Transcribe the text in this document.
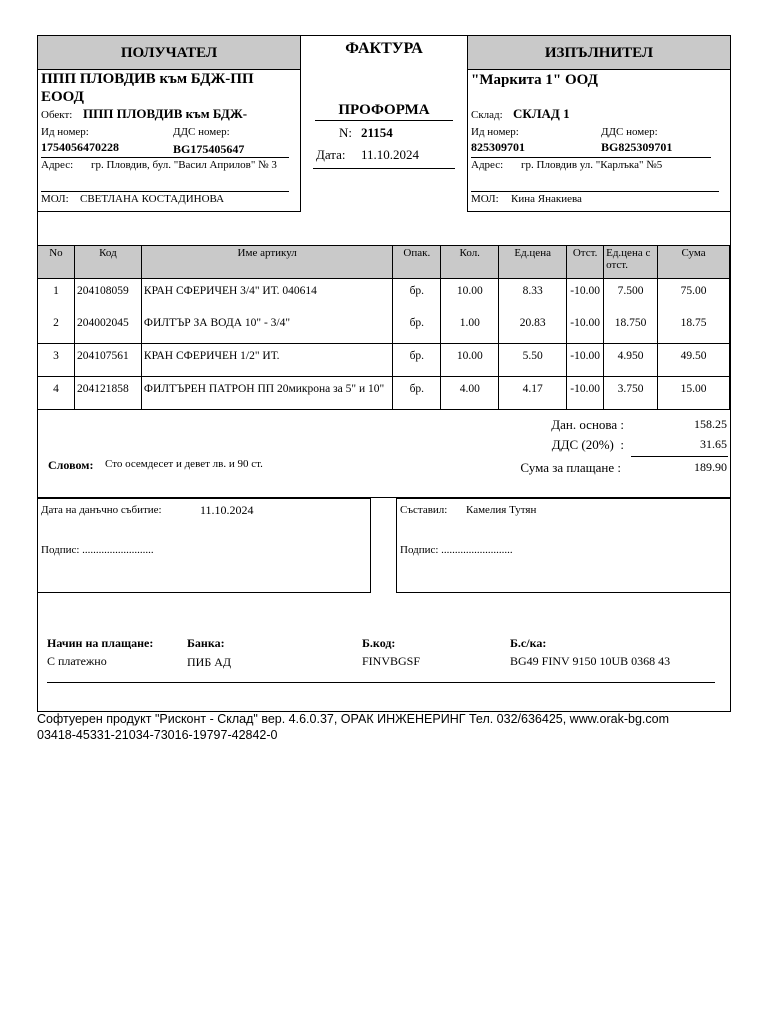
ПОЛУЧАТЕЛ
ППП ПЛОВДИВ към БДЖ-ПП ЕООД
Обект: ППП ПЛОВДИВ към БДЖ-
Ид номер:	ДДС номер:
1754056470228	BG175405647
Адрес: гр. Пловдив, бул. "Васил Априлов" № 3
МОЛ: СВЕТЛАНА КОСТАДИНОВА
ФАКТУРА
ПРОФОРМА
N: 21154
Дата: 11.10.2024
ИЗПЪЛНИТЕЛ
"Маркита 1" ООД
Склад: СКЛАД 1
Ид номер:	ДДС номер:
825309701	BG825309701
Адрес: гр. Пловдив ул. "Карлъка" №5
МОЛ: Кина Янакиева
No	Код	Име артикул	Опак.	Кол.	Ед.цена	Отст.	Ед.цена с отст.	Сума
1	204108059	КРАН СФЕРИЧЕН 3/4" ИТ. 040614	бр.	10.00	8.33	-10.00	7.500	75.00
2	204002045	ФИЛТЪР ЗА ВОДА 10" - 3/4"	бр.	1.00	20.83	-10.00	18.750	18.75
3	204107561	КРАН СФЕРИЧЕН 1/2" ИТ.	бр.	10.00	5.50	-10.00	4.950	49.50
4	204121858	ФИЛТЪРЕН ПАТРОН ПП 20микрона за 5" и 10"	бр.	4.00	4.17	-10.00	3.750	15.00
Дан. основа :	158.25
ДДС (20%)  :	31.65
Сума за плащане :	189.90
Словом: Сто осемдесет и девет лв. и 90 ст.
Дата на данъчно събитие:	11.10.2024
Подпис: ..........................
Съставил: Камелия Тутян
Подпис: ..........................
Начин на плащане:
С платежно
Банка:
ПИБ АД
Б.код:
FINVBGSF
Б.с/ка:
BG49 FINV 9150 10UB 0368 43
Софтуерен продукт "Рисконт - Склад" вер. 4.6.0.37, ОРАК ИНЖЕНЕРИНГ Тел. 032/636425, www.orak-bg.com
03418-45331-21034-73016-19797-42842-0
